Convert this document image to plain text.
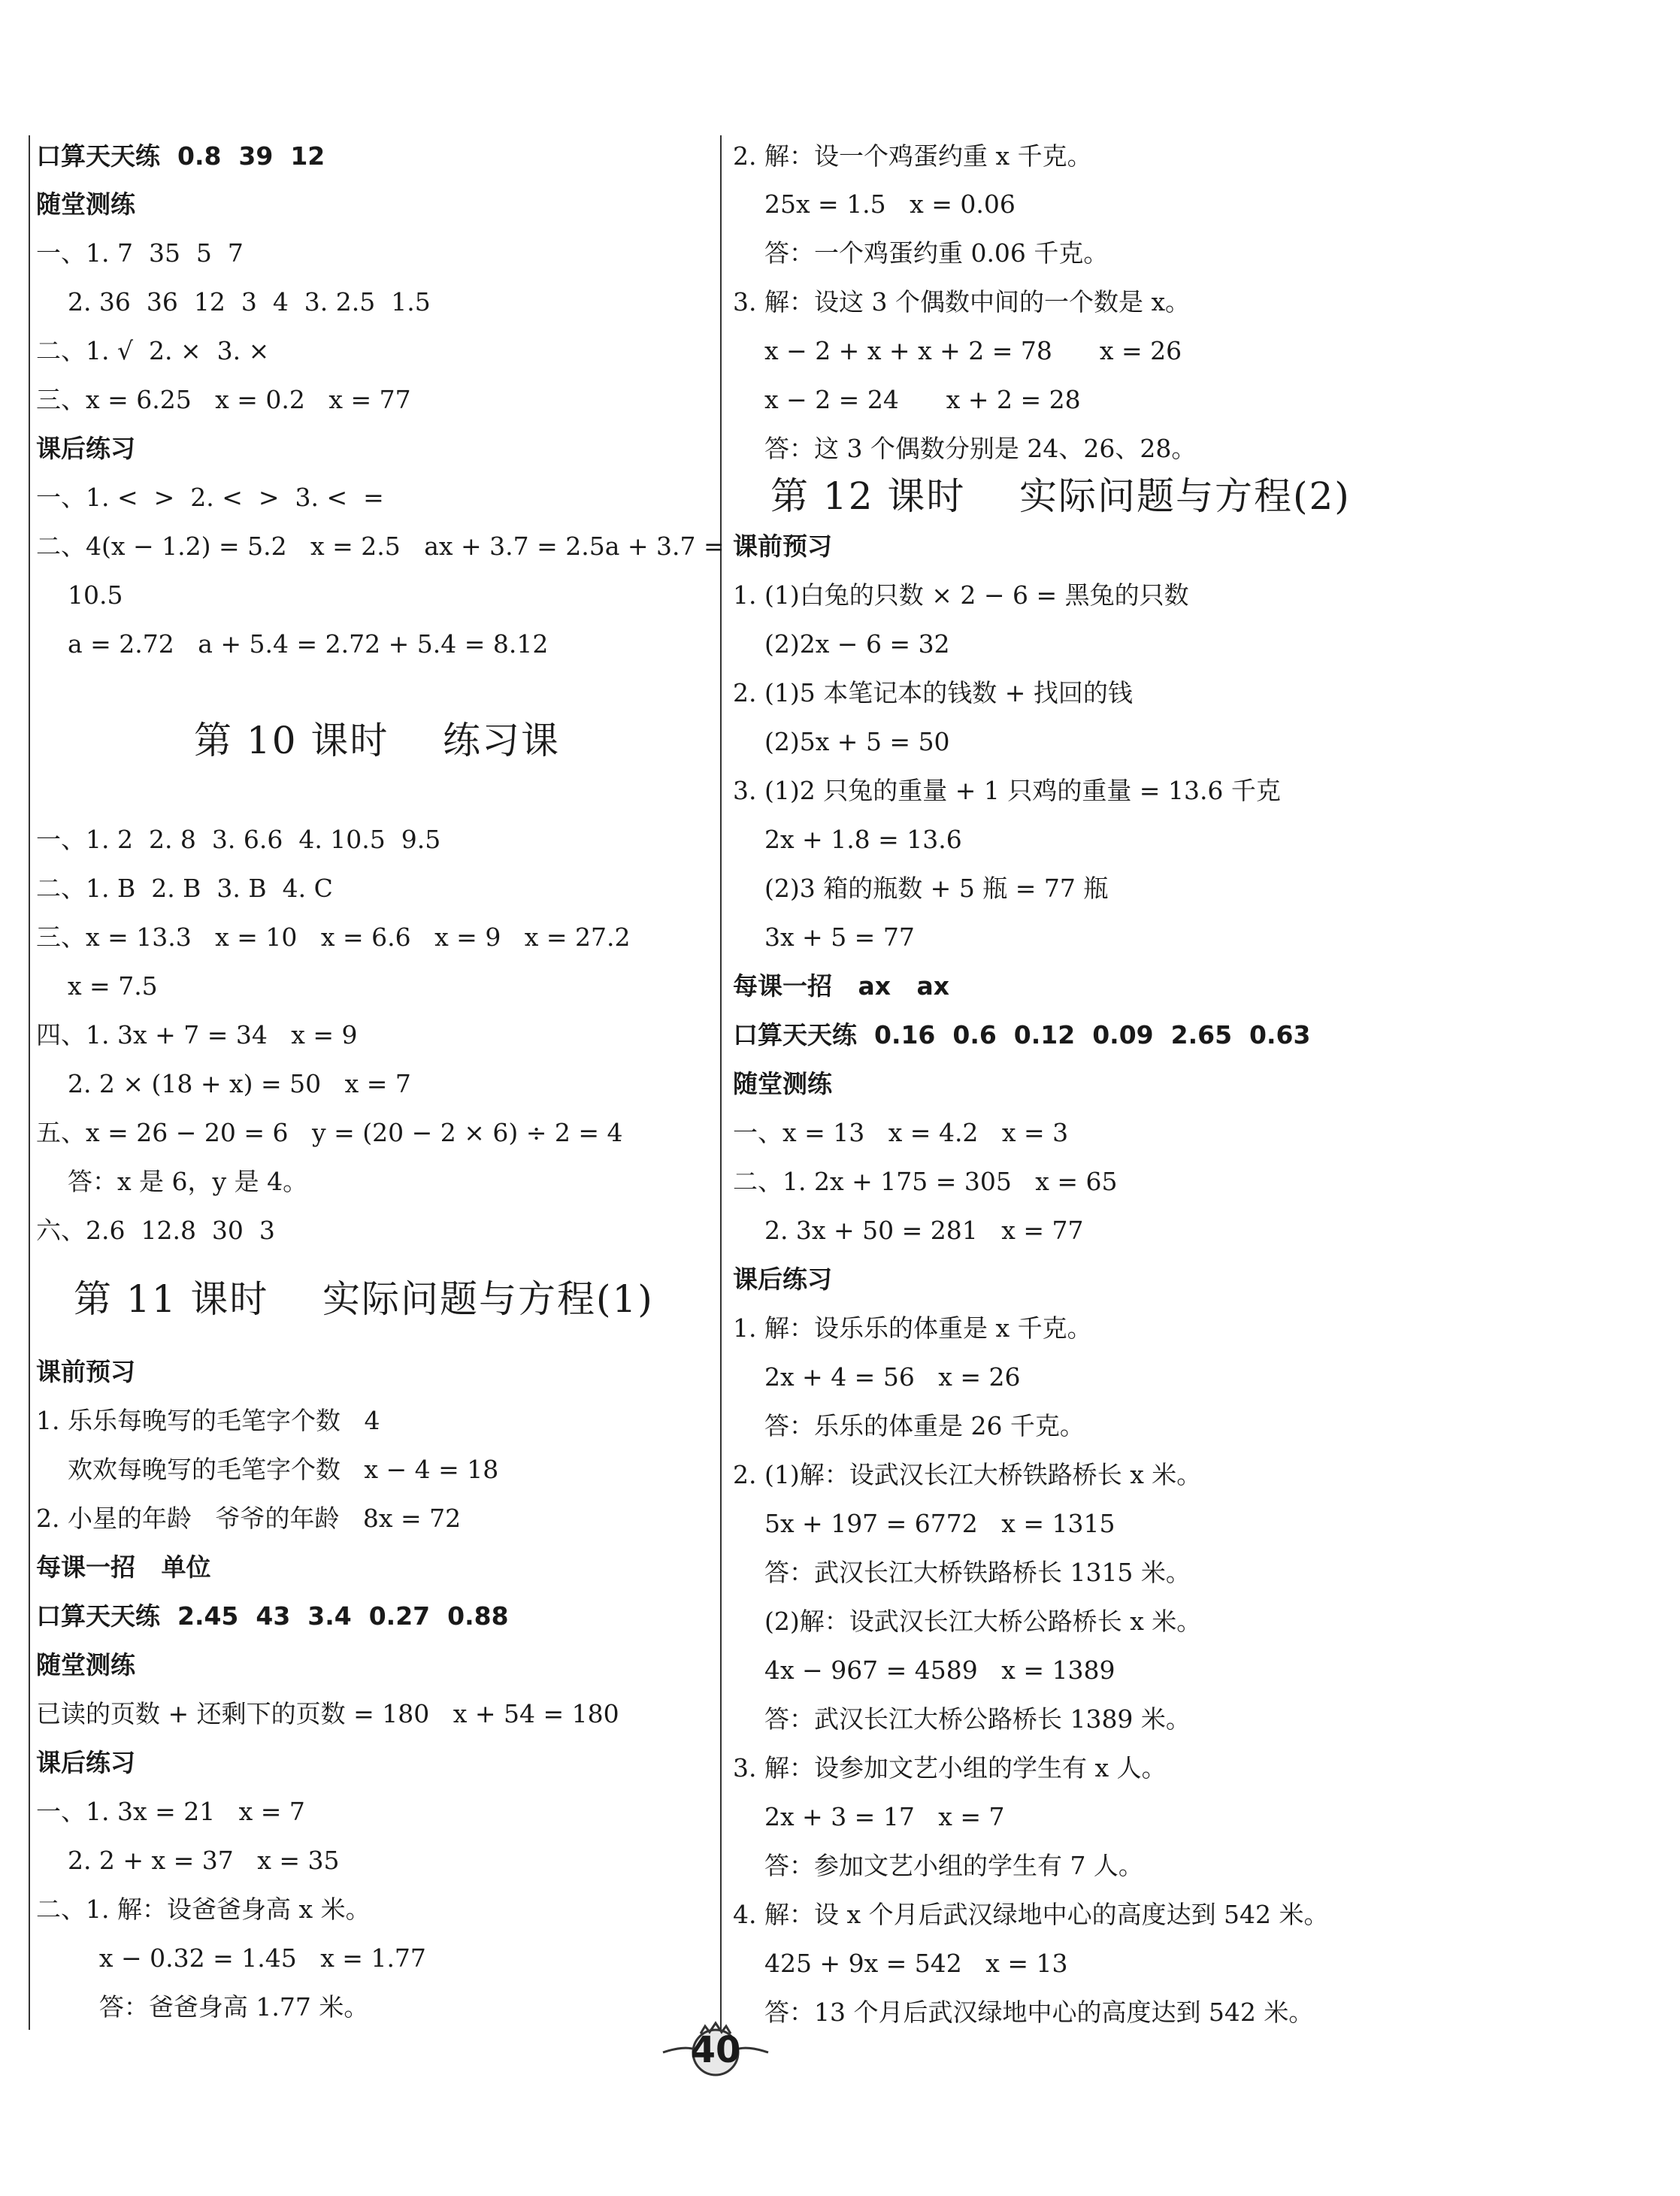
口算天天练  0.8  39  12
随堂测练
一、1. 7  35  5  7
2. 36  36  12  3  4  3. 2.5  1.5
二、1. √  2. ×  3. ×
三、x = 6.25   x = 0.2   x = 77
课后练习
一、1. <  >  2. <  >  3. <  =
二、4(x − 1.2) = 5.2   x = 2.5   ax + 3.7 = 2.5a + 3.7 =
10.5
a = 2.72   a + 5.4 = 2.72 + 5.4 = 8.12
第 10 课时    练习课
一、1. 2  2. 8  3. 6.6  4. 10.5  9.5
二、1. B  2. B  3. B  4. C
三、x = 13.3   x = 10   x = 6.6   x = 9   x = 27.2
x = 7.5
四、1. 3x + 7 = 34   x = 9
2. 2 × (18 + x) = 50   x = 7
五、x = 26 − 20 = 6   y = (20 − 2 × 6) ÷ 2 = 4
答：x 是 6，y 是 4。
六、2.6  12.8  30  3
第 11 课时    实际问题与方程(1)
课前预习
1. 乐乐每晚写的毛笔字个数   4
欢欢每晚写的毛笔字个数   x − 4 = 18
2. 小星的年龄   爷爷的年龄   8x = 72
每课一招   单位
口算天天练  2.45  43  3.4  0.27  0.88
随堂测练
已读的页数 + 还剩下的页数 = 180   x + 54 = 180
课后练习
一、1. 3x = 21   x = 7
2. 2 + x = 37   x = 35
二、1. 解：设爸爸身高 x 米。
x − 0.32 = 1.45   x = 1.77
答：爸爸身高 1.77 米。
2. 解：设一个鸡蛋约重 x 千克。
25x = 1.5   x = 0.06
答：一个鸡蛋约重 0.06 千克。
3. 解：设这 3 个偶数中间的一个数是 x。
x − 2 + x + x + 2 = 78      x = 26
x − 2 = 24      x + 2 = 28
答：这 3 个偶数分别是 24、26、28。
第 12 课时    实际问题与方程(2)
课前预习
1. (1)白兔的只数 × 2 − 6 = 黑兔的只数
(2)2x − 6 = 32
2. (1)5 本笔记本的钱数 + 找回的钱
(2)5x + 5 = 50
3. (1)2 只兔的重量 + 1 只鸡的重量 = 13.6 千克
2x + 1.8 = 13.6
(2)3 箱的瓶数 + 5 瓶 = 77 瓶
3x + 5 = 77
每课一招   ax   ax
口算天天练  0.16  0.6  0.12  0.09  2.65  0.63
随堂测练
一、x = 13   x = 4.2   x = 3
二、1. 2x + 175 = 305   x = 65
2. 3x + 50 = 281   x = 77
课后练习
1. 解：设乐乐的体重是 x 千克。
2x + 4 = 56   x = 26
答：乐乐的体重是 26 千克。
2. (1)解：设武汉长江大桥铁路桥长 x 米。
5x + 197 = 6772   x = 1315
答：武汉长江大桥铁路桥长 1315 米。
(2)解：设武汉长江大桥公路桥长 x 米。
4x − 967 = 4589   x = 1389
答：武汉长江大桥公路桥长 1389 米。
3. 解：设参加文艺小组的学生有 x 人。
2x + 3 = 17   x = 7
答：参加文艺小组的学生有 7 人。
4. 解：设 x 个月后武汉绿地中心的高度达到 542 米。
425 + 9x = 542   x = 13
答：13 个月后武汉绿地中心的高度达到 542 米。
40
